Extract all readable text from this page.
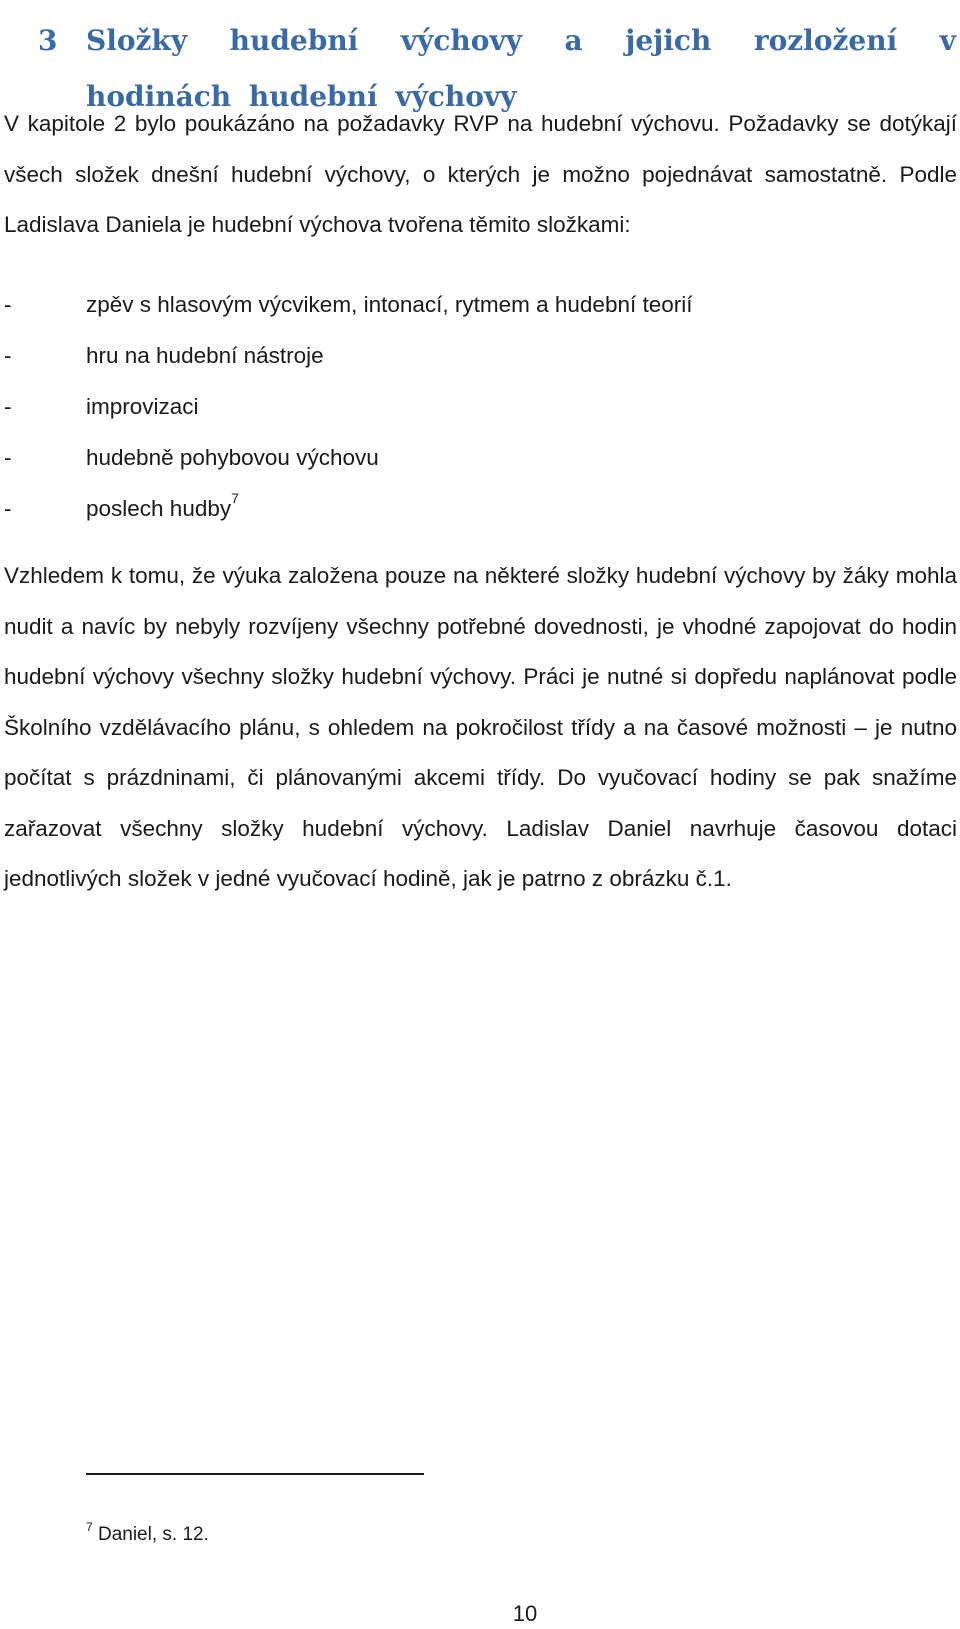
3 Složky hudební výchovy a jejich rozložení v hodinách hudební výchovy

V kapitole 2 bylo poukázáno na požadavky RVP na hudební výchovu. Požadavky se dotýkají všech složek dnešní hudební výchovy, o kterých je možno pojednávat samostatně. Podle Ladislava Daniela je hudební výchova tvořena těmito složkami:

-	zpěv s hlasovým výcvikem, intonací, rytmem a hudební teorií
-	hru na hudební nástroje
-	improvizaci
-	hudebně pohybovou výchovu
-	poslech hudby$^7$

Vzhledem k tomu, že výuka založena pouze na některé složky hudební výchovy by žáky mohla nudit a navíc by nebyly rozvíjeny všechny potřebné dovednosti, je vhodné zapojovat do hodin hudební výchovy všechny složky hudební výchovy. Práci je nutné si dopředu naplánovat podle Školního vzdělávacího plánu, s ohledem na pokročilost třídy a na časové možnosti – je nutno počítat s prázdninami, či plánovanými akcemi třídy. Do vyučovací hodiny se pak snažíme zařazovat všechny složky hudební výchovy. Ladislav Daniel navrhuje časovou dotaci jednotlivých složek v jedné vyučovací hodině, jak je patrno z obrázku č.1.

$^7$ Daniel, s. 12.
10
